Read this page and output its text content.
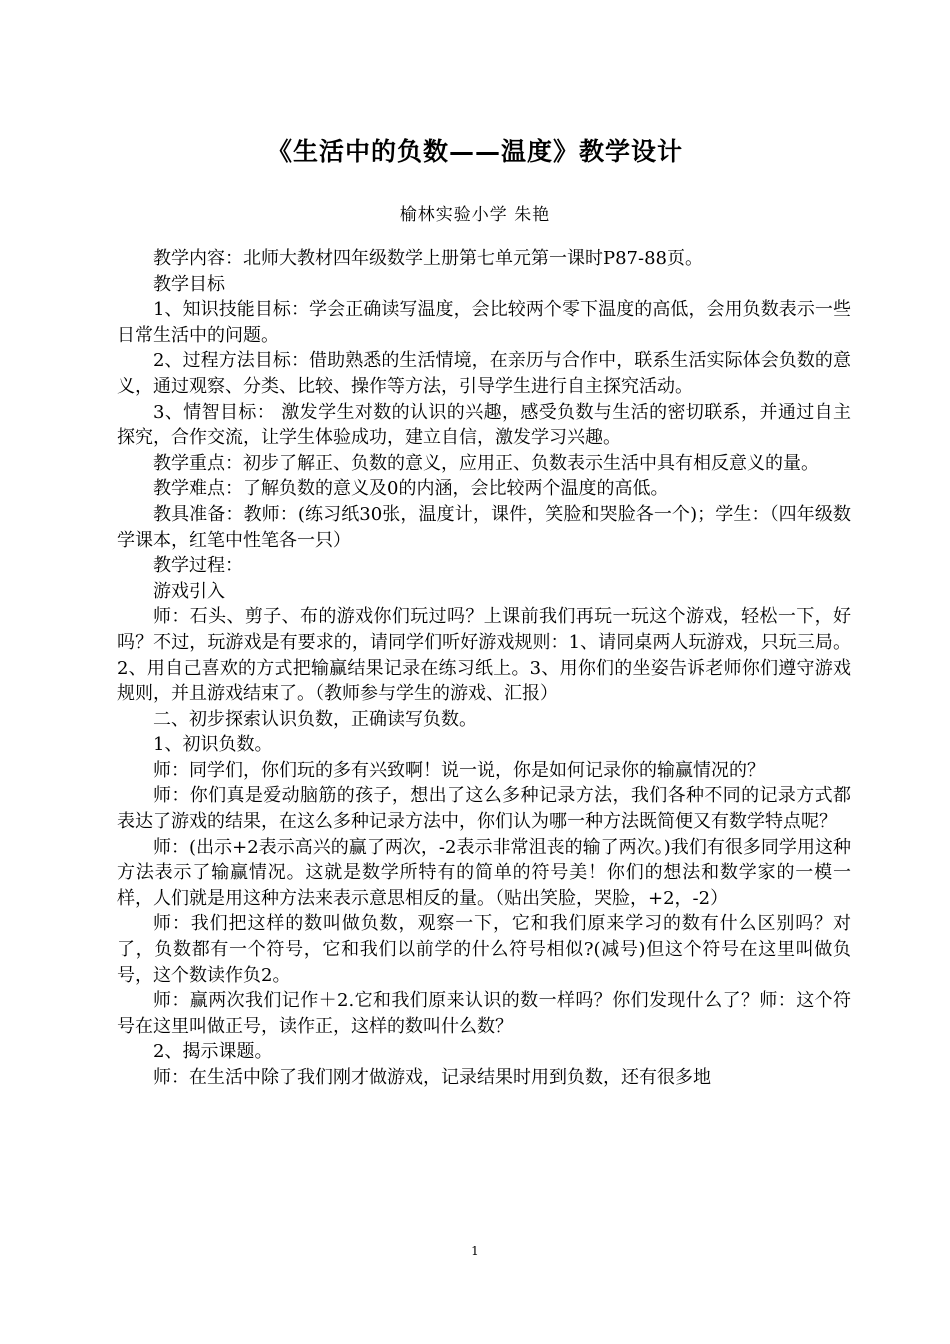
《生活中的负数——温度》教学设计
榆林实验小学 朱艳

教学内容：北师大教材四年级数学上册第七单元第一课时P87-88页。

教学目标

1、知识技能目标：学会正确读写温度，会比较两个零下温度的高低，会用负数表示一些日常生活中的问题。

2、过程方法目标：借助熟悉的生活情境，在亲历与合作中，联系生活实际体会负数的意义，通过观察、分类、比较、操作等方法，引导学生进行自主探究活动。

3、情智目标： 激发学生对数的认识的兴趣，感受负数与生活的密切联系，并通过自主探究，合作交流，让学生体验成功，建立自信，激发学习兴趣。

教学重点：初步了解正、负数的意义，应用正、负数表示生活中具有相反意义的量。

教学难点：了解负数的意义及0的内涵，会比较两个温度的高低。

教具准备：教师：(练习纸30张，温度计，课件，笑脸和哭脸各一个)；学生：（四年级数学课本，红笔中性笔各一只）

教学过程：

游戏引入

师：石头、剪子、布的游戏你们玩过吗？上课前我们再玩一玩这个游戏，轻松一下，好吗？不过，玩游戏是有要求的，请同学们听好游戏规则：1、请同桌两人玩游戏，只玩三局。2、用自己喜欢的方式把输赢结果记录在练习纸上。3、用你们的坐姿告诉老师你们遵守游戏规则，并且游戏结束了。（教师参与学生的游戏、汇报）

二、初步探索认识负数，正确读写负数。

1、初识负数。

师：同学们，你们玩的多有兴致啊！说一说，你是如何记录你的输赢情况的？

师：你们真是爱动脑筋的孩子，想出了这么多种记录方法，我们各种不同的记录方式都表达了游戏的结果，在这么多种记录方法中，你们认为哪一种方法既简便又有数学特点呢？

师：(出示+2表示高兴的赢了两次，-2表示非常沮丧的输了两次。)我们有很多同学用这种方法表示了输赢情况。这就是数学所特有的简单的符号美！你们的想法和数学家的一模一样，人们就是用这种方法来表示意思相反的量。（贴出笑脸，哭脸，+2，-2）

师：我们把这样的数叫做负数，观察一下，它和我们原来学习的数有什么区别吗？对了，负数都有一个符号，它和我们以前学的什么符号相似?(减号)但这个符号在这里叫做负号，这个数读作负2。

师：赢两次我们记作＋2.它和我们原来认识的数一样吗？你们发现什么了？师：这个符号在这里叫做正号，读作正，这样的数叫什么数？

2、揭示课题。

师：在生活中除了我们刚才做游戏，记录结果时用到负数，还有很多地

1
